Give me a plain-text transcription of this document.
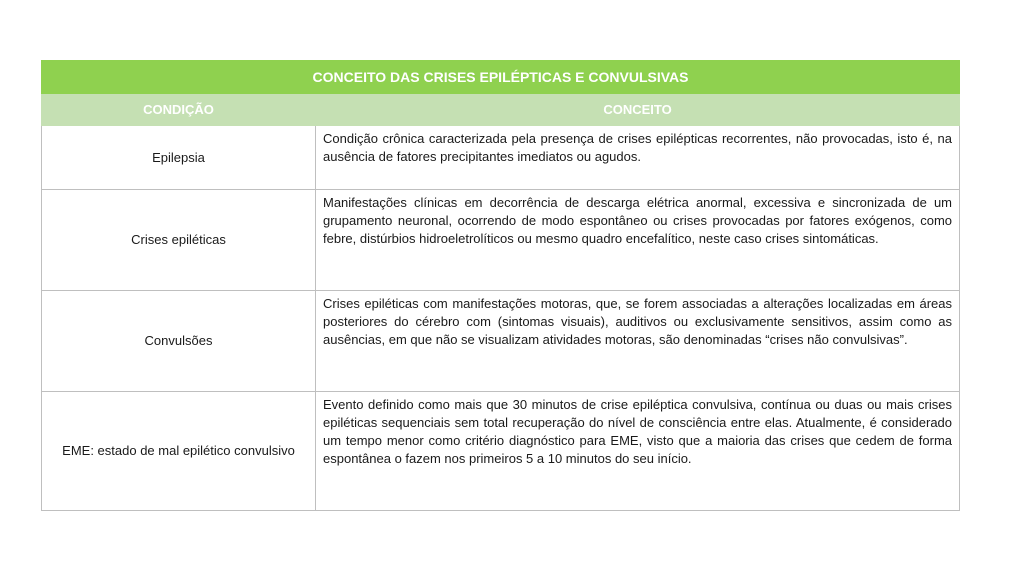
CONCEITO DAS CRISES EPILÉPTICAS E CONVULSIVAS	
CONDIÇÃO	CONCEITO
Epilepsia	Condição crônica caracterizada pela presença de crises epilépticas recorrentes, não provocadas, isto é, na ausência de fatores precipitantes imediatos ou agudos.
Crises epiléticas	Manifestações clínicas em decorrência de descarga elétrica anormal, excessiva e sincronizada de um grupamento neuronal, ocorrendo de modo espontâneo ou crises provocadas por fatores exógenos, como febre, distúrbios hidroeletrolíticos ou mesmo quadro encefalítico, neste caso crises sintomáticas.
Convulsões	Crises epiléticas com manifestações motoras, que, se forem associadas a alterações localizadas em áreas posteriores do cérebro com (sintomas visuais), auditivos ou exclusivamente sensitivos, assim como as ausências, em que não se visualizam atividades motoras, são denominadas “crises não convulsivas”.
EME: estado de mal epilético convulsivo	Evento definido como mais que 30 minutos de crise epiléptica convulsiva, contínua ou duas ou mais crises epiléticas sequenciais sem total recuperação do nível de consciência entre elas. Atualmente, é considerado um tempo menor como critério diagnóstico para EME, visto que a maioria das crises que cedem de forma espontânea o fazem nos primeiros 5 a 10 minutos do seu início.
